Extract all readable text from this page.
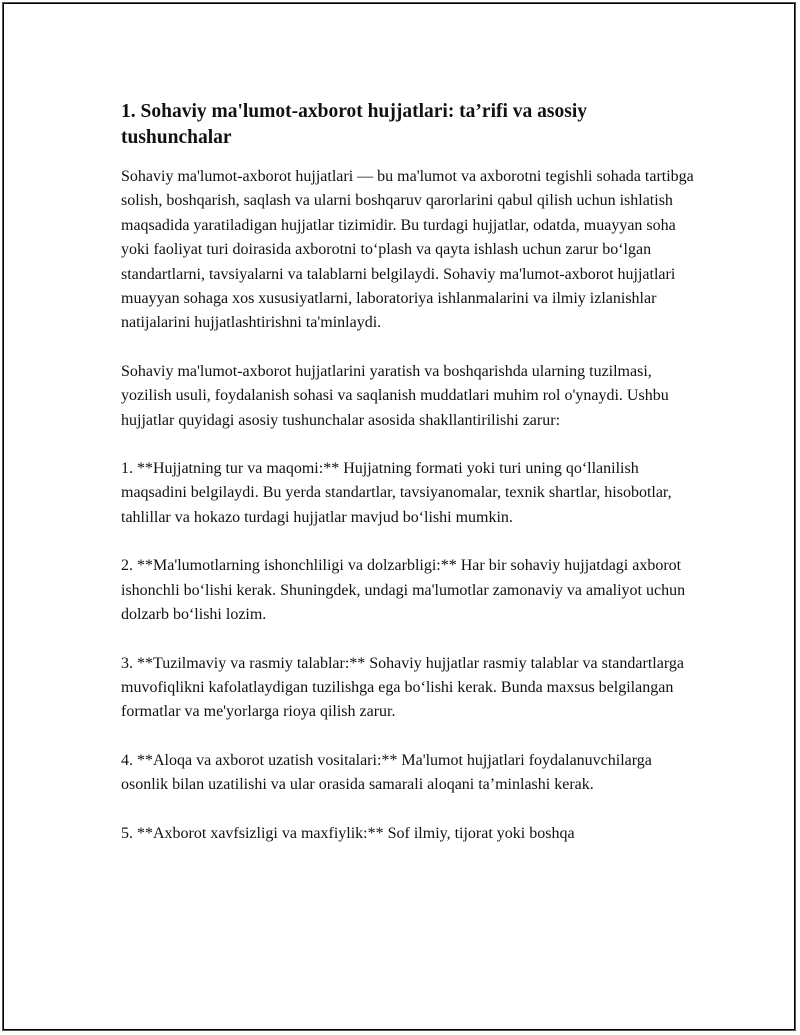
1. Sohaviy ma'lumot-axborot hujjatlari: ta’rifi va asosiy tushunchalar

Sohaviy ma'lumot-axborot hujjatlari — bu ma'lumot va axborotni tegishli sohada tartibga solish, boshqarish, saqlash va ularni boshqaruv qarorlarini qabul qilish uchun ishlatish maqsadida yaratiladigan hujjatlar tizimidir. Bu turdagi hujjatlar, odatda, muayyan soha yoki faoliyat turi doirasida axborotni to‘plash va qayta ishlash uchun zarur bo‘lgan standartlarni, tavsiyalarni va talablarni belgilaydi. Sohaviy ma'lumot-axborot hujjatlari muayyan sohaga xos xususiyatlarni, laboratoriya ishlanmalarini va ilmiy izlanishlar natijalarini hujjatlashtirishni ta'minlaydi.

Sohaviy ma'lumot-axborot hujjatlarini yaratish va boshqarishda ularning tuzilmasi, yozilish usuli, foydalanish sohasi va saqlanish muddatlari muhim rol o'ynaydi. Ushbu hujjatlar quyidagi asosiy tushunchalar asosida shakllantirilishi zarur:

1. **Hujjatning tur va maqomi:** Hujjatning formati yoki turi uning qo‘llanilish maqsadini belgilaydi. Bu yerda standartlar, tavsiyanomalar, texnik shartlar, hisobotlar, tahlillar va hokazo turdagi hujjatlar mavjud bo‘lishi mumkin.

2. **Ma'lumotlarning ishonchliligi va dolzarbligi:** Har bir sohaviy hujjatdagi axborot ishonchli bo‘lishi kerak. Shuningdek, undagi ma'lumotlar zamonaviy va amaliyot uchun dolzarb bo‘lishi lozim.

3. **Tuzilmaviy va rasmiy talablar:** Sohaviy hujjatlar rasmiy talablar va standartlarga muvofiqlikni kafolatlaydigan tuzilishga ega bo‘lishi kerak. Bunda maxsus belgilangan formatlar va me'yorlarga rioya qilish zarur.

4. **Aloqa va axborot uzatish vositalari:** Ma'lumot hujjatlari foydalanuvchilarga osonlik bilan uzatilishi va ular orasida samarali aloqani ta’minlashi kerak.

5. **Axborot xavfsizligi va maxfiylik:** Sof ilmiy, tijorat yoki boshqa
